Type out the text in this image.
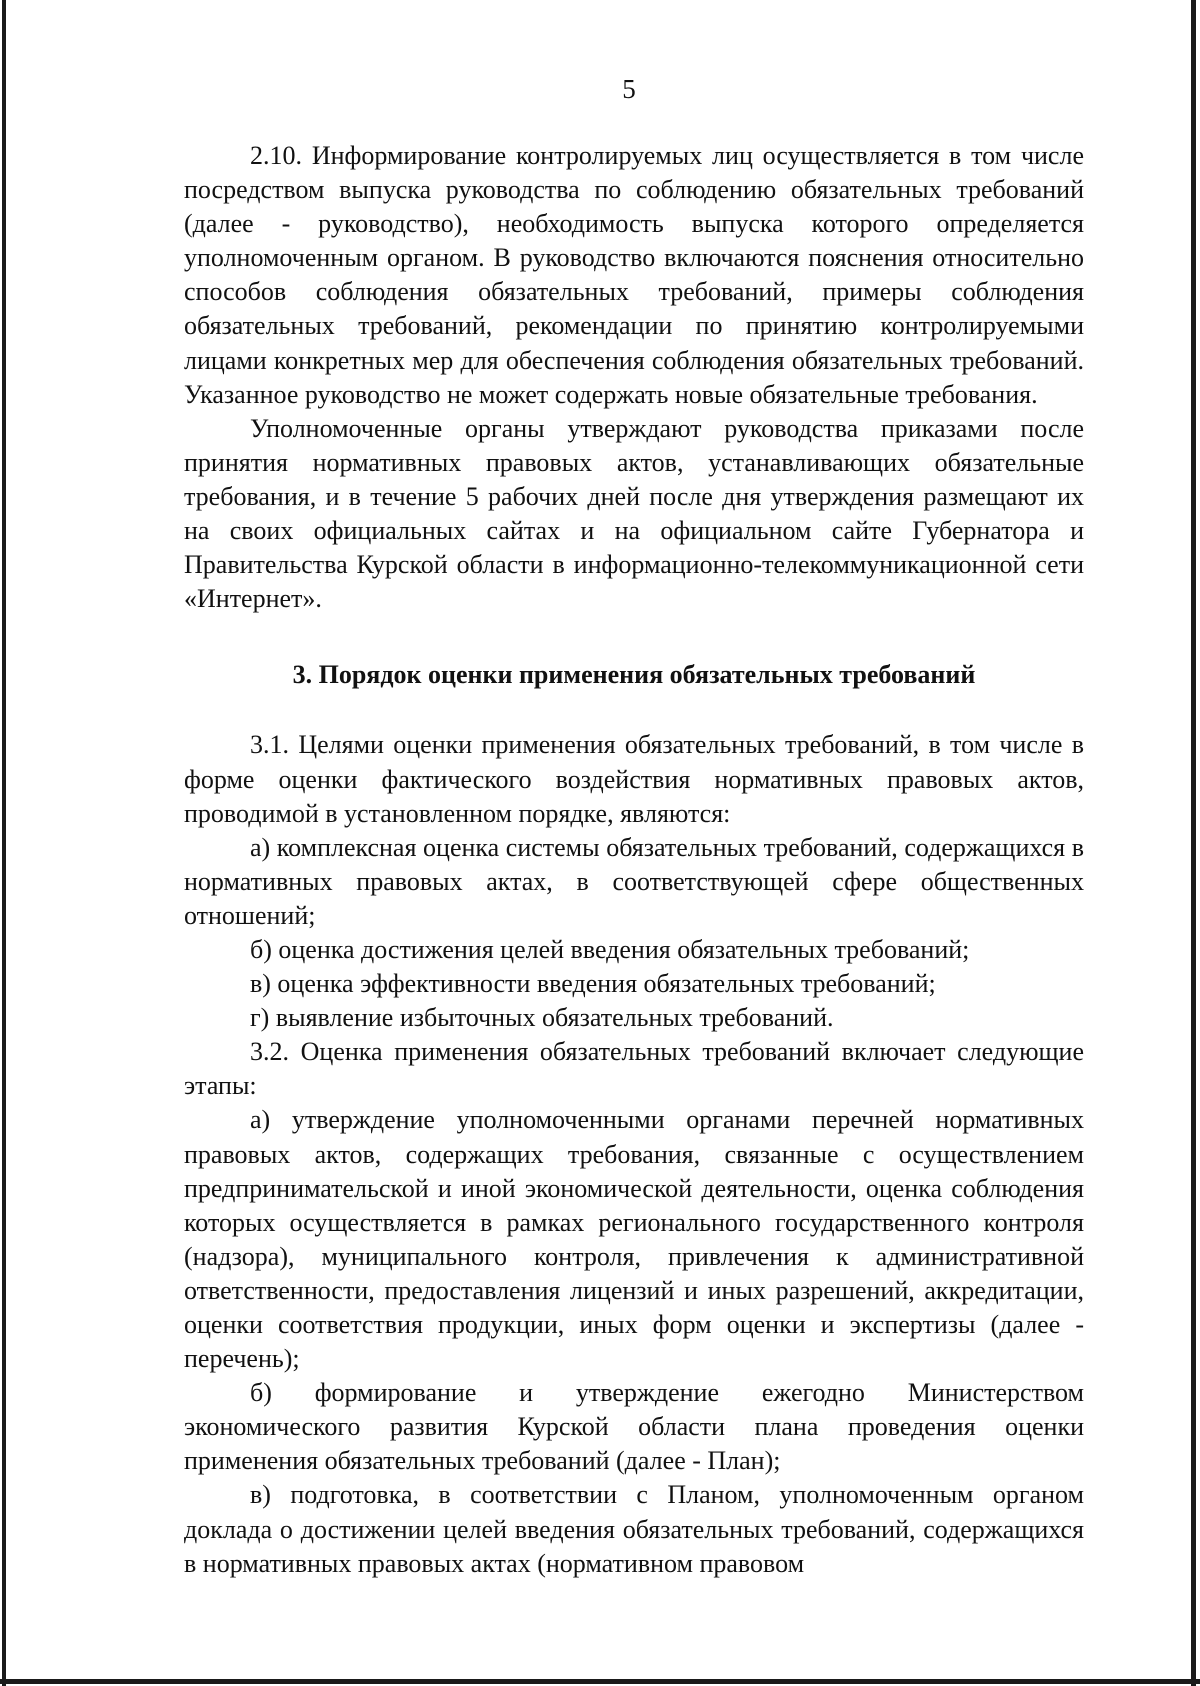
5

2.10. Информирование контролируемых лиц осуществляется в том числе посредством выпуска руководства по соблюдению обязательных требований (далее - руководство), необходимость выпуска которого определяется уполномоченным органом. В руководство включаются пояснения относительно способов соблюдения обязательных требований, примеры соблюдения обязательных требований, рекомендации по принятию контролируемыми лицами конкретных мер для обеспечения соблюдения обязательных требований. Указанное руководство не может содержать новые обязательные требования.

Уполномоченные органы утверждают руководства приказами после принятия нормативных правовых актов, устанавливающих обязательные требования, и в течение 5 рабочих дней после дня утверждения размещают их на своих официальных сайтах и на официальном сайте Губернатора и Правительства Курской области в информационно-телекоммуникационной сети «Интернет».

3. Порядок оценки применения обязательных требований

3.1. Целями оценки применения обязательных требований, в том числе в форме оценки фактического воздействия нормативных правовых актов, проводимой в установленном порядке, являются:

а) комплексная оценка системы обязательных требований, содержащихся в нормативных правовых актах, в соответствующей сфере общественных отношений;

б) оценка достижения целей введения обязательных требований;

в) оценка эффективности введения обязательных требований;

г) выявление избыточных обязательных требований.

3.2. Оценка применения обязательных требований включает следующие этапы:

а) утверждение уполномоченными органами перечней нормативных правовых актов, содержащих требования, связанные с осуществлением предпринимательской и иной экономической деятельности, оценка соблюдения которых осуществляется в рамках регионального государственного контроля (надзора), муниципального контроля, привлечения к административной ответственности, предоставления лицензий и иных разрешений, аккредитации, оценки соответствия продукции, иных форм оценки и экспертизы (далее - перечень);

б) формирование и утверждение ежегодно Министерством экономического развития Курской области плана проведения оценки применения обязательных требований (далее - План);

в) подготовка, в соответствии с Планом, уполномоченным органом доклада о достижении целей введения обязательных требований, содержащихся в нормативных правовых актах (нормативном правовом
